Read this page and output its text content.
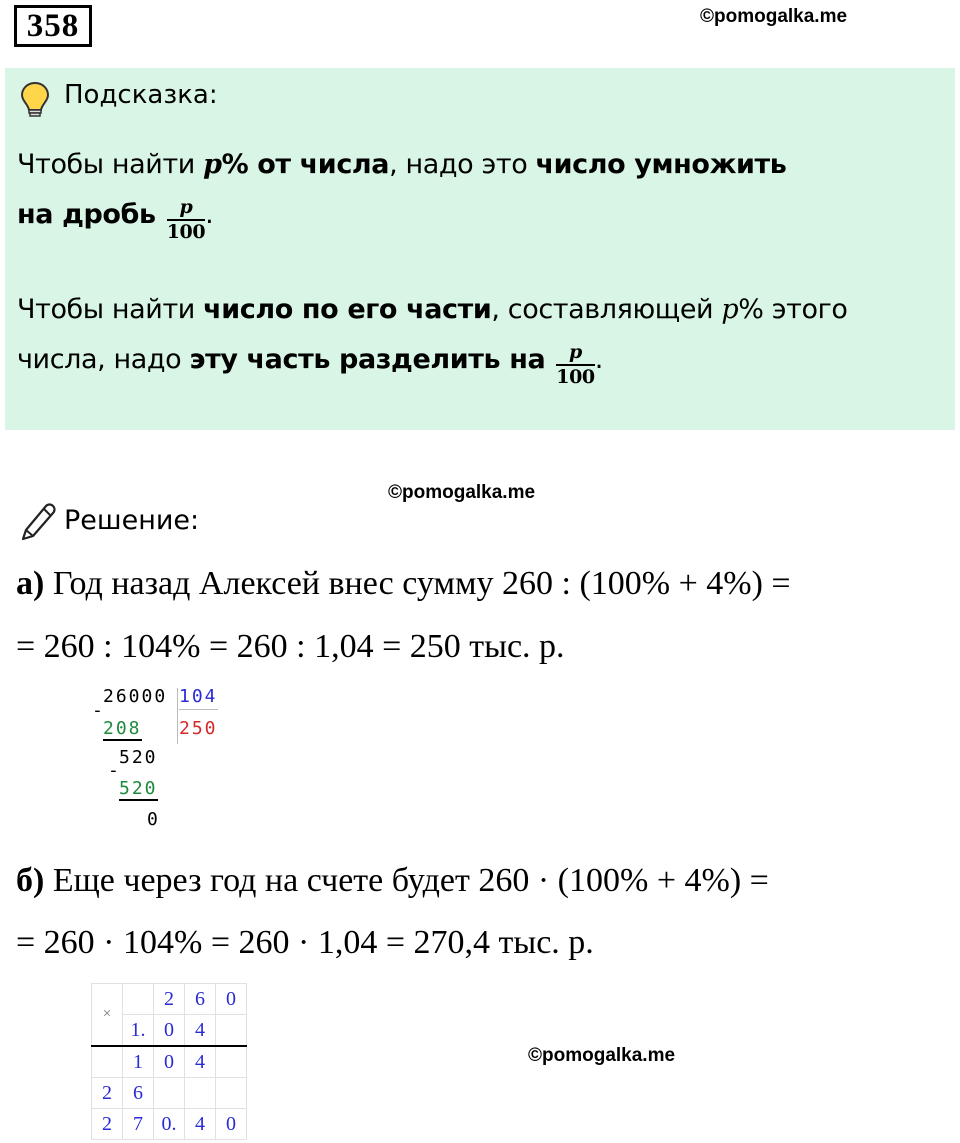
358	©pomogalka.me
Подсказка:
Чтобы найти p% от числа, надо это число умножить
на дробь $\frac{p}{100}$ .
Чтобы найти число по его части, составляющей p% этого
числа, надо эту часть разделить на $\frac{p}{100}$ .
©pomogalka.me
Решение:
а) Год назад Алексей внес сумму 260 : (100% + 4%) =
= 260 : 104% = 260 : 1,04 = 250 тыс. р.
26000 104
-
208 250
520
-
520
0
б) Еще через год на счете будет 260 · (100% + 4%) =
= 260 · 104% = 260 · 1,04 = 270,4 тыс. р.
×		2	6	0
	1.	0	4	
	1	0	4	
2	6			
2	7	0.	4	0
©pomogalka.me
